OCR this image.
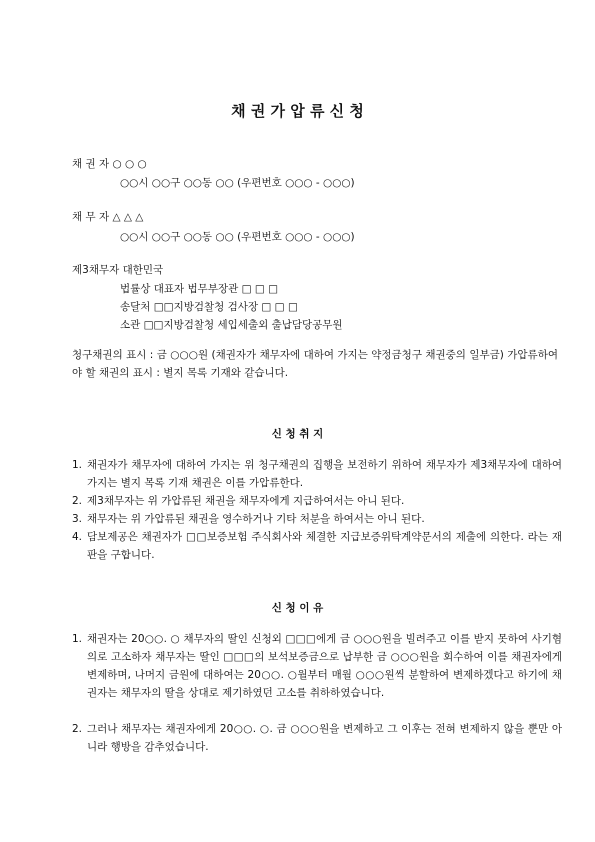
채 권 가 압 류 신 청
채 권 자 ○ ○ ○
○○시 ○○구 ○○동 ○○ (우편번호 ○○○ - ○○○)
채 무 자 △ △ △
○○시 ○○구 ○○동 ○○ (우편번호 ○○○ - ○○○)
제3채무자 대한민국
법률상 대표자 법무부장관 □ □ □
송달처 □□지방검찰청 검사장 □ □ □
소관 □□지방검찰청 세입세출외 출납담당공무원
청구채권의 표시 : 금 ○○○원 (채권자가 채무자에 대하여 가지는 약정금청구 채권중의 일부금) 가압류하여야 할 채권의 표시 : 별지 목록 기재와 같습니다.
신 청 취 지
1. 채권자가 채무자에 대하여 가지는 위 청구채권의 집행을 보전하기 위하여 채무자가 제3채무자에 대하여 가지는 별지 목록 기재 채권은 이를 가압류한다.
2. 제3채무자는 위 가압류된 채권을 채무자에게 지급하여서는 아니 된다.
3. 채무자는 위 가압류된 채권을 영수하거나 기타 처분을 하여서는 아니 된다.
4. 담보제공은 채권자가 □□보증보험 주식회사와 체결한 지급보증위탁계약문서의 제출에 의한다. 라는 재판을 구합니다.
신 청 이 유
1. 채권자는 20○○. ○ 채무자의 딸인 신청외 □□□에게 금 ○○○원을 빌려주고 이를 받지 못하여 사기혐의로 고소하자 채무자는 딸인 □□□의 보석보증금으로 납부한 금 ○○○원을 회수하여 이를 채권자에게 변제하며, 나머지 금원에 대하여는 20○○. ○월부터 매월 ○○○원씩 분할하여 변제하겠다고 하기에 채권자는 채무자의 딸을 상대로 제기하였던 고소를 취하하였습니다.
2. 그러나 채무자는 채권자에게 20○○. ○. 금 ○○○원을 변제하고 그 이후는 전혀 변제하지 않을 뿐만 아니라 행방을 감추었습니다.
